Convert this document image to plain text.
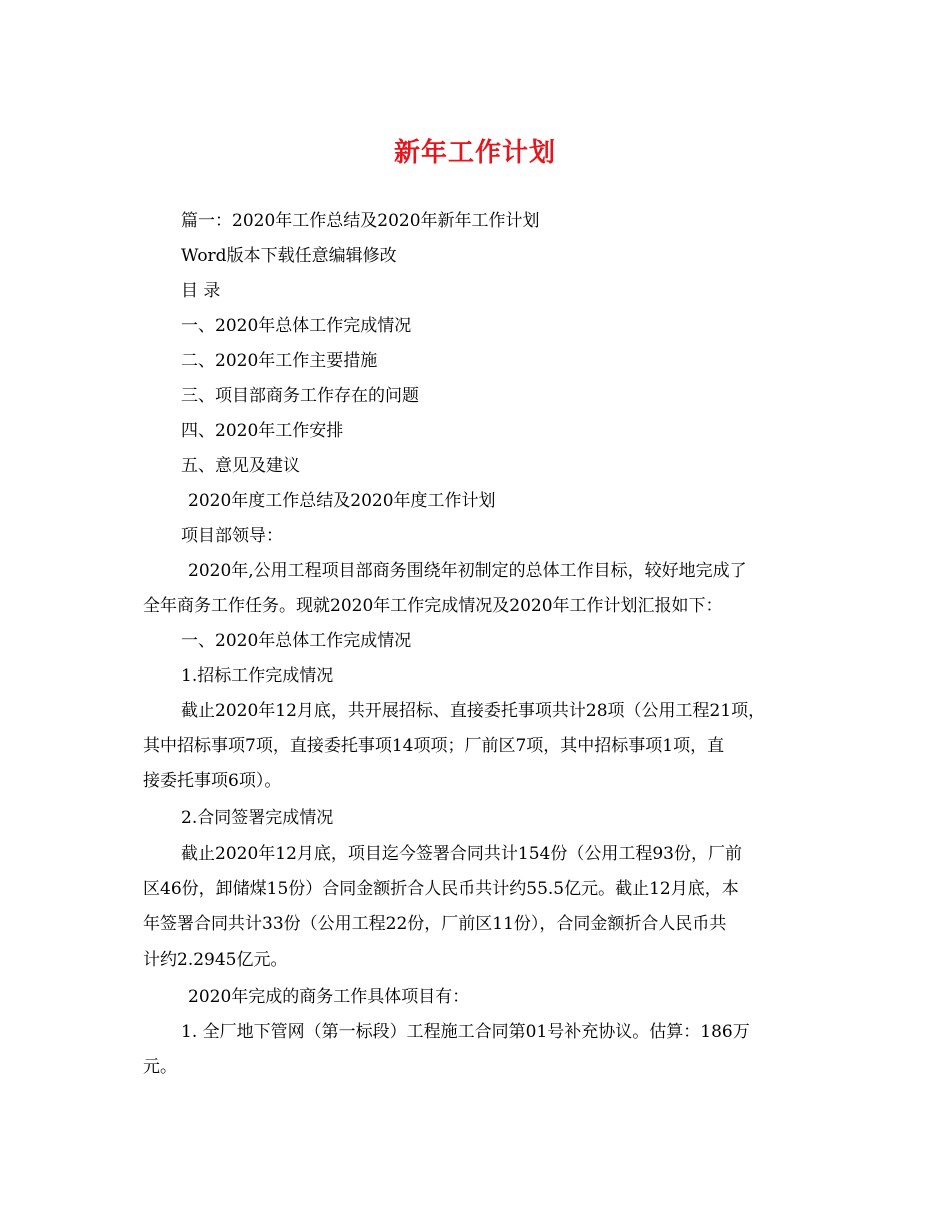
新年工作计划
篇一：2020年工作总结及2020年新年工作计划
Word版本下载任意编辑修改
目 录
一、2020年总体工作完成情况
二、2020年工作主要措施
三、项目部商务工作存在的问题
四、2020年工作安排
五、意见及建议
2020年度工作总结及2020年度工作计划
项目部领导：
2020年,公用工程项目部商务围绕年初制定的总体工作目标，较好地完成了
全年商务工作任务。现就2020年工作完成情况及2020年工作计划汇报如下：
一、2020年总体工作完成情况
1.招标工作完成情况
截止2020年12月底，共开展招标、直接委托事项共计28项（公用工程21项，
其中招标事项7项，直接委托事项14项项；厂前区7项，其中招标事项1项，直
接委托事项6项）。
2.合同签署完成情况
截止2020年12月底，项目迄今签署合同共计154份（公用工程93份，厂前
区46份，卸储煤15份）合同金额折合人民币共计约55.5亿元。截止12月底，本
年签署合同共计33份（公用工程22份，厂前区11份），合同金额折合人民币共
计约2.2945亿元。
2020年完成的商务工作具体项目有：
1. 全厂地下管网（第一标段）工程施工合同第01号补充协议。估算：186万
元。
